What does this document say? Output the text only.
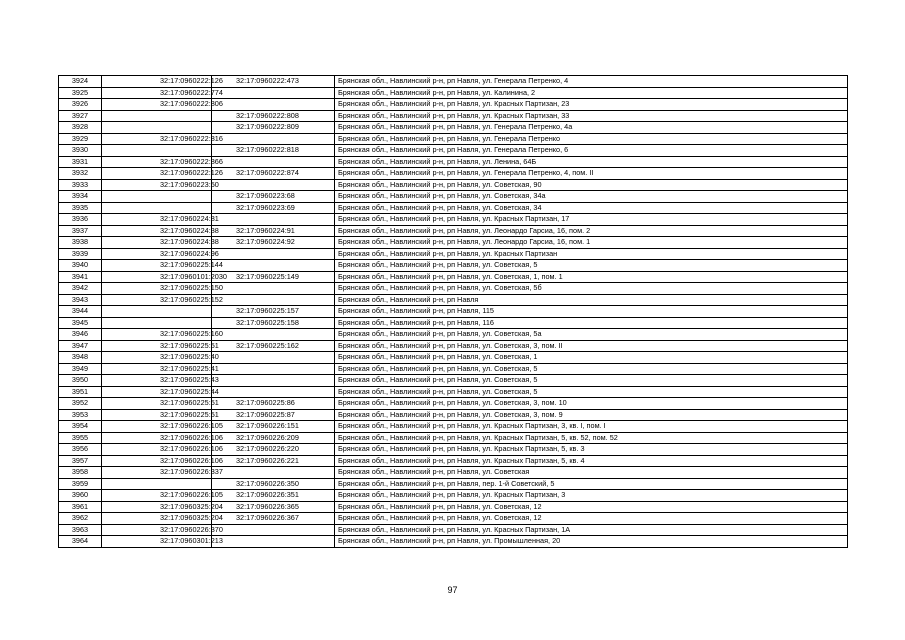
3924	32:17:0960222:126	32:17:0960222:473	Брянская обл., Навлинский р-н, рп Навля, ул. Генерала Петренко, 4
3925	32:17:0960222:774		Брянская обл., Навлинский р-н, рп Навля, ул. Калинина, 2
3926	32:17:0960222:806		Брянская обл., Навлинский р-н, рп Навля, ул. Красных Партизан, 23
3927		32:17:0960222:808	Брянская обл., Навлинский р-н, рп Навля, ул. Красных Партизан, 33
3928		32:17:0960222:809	Брянская обл., Навлинский р-н, рп Навля, ул. Генерала Петренко, 4а
3929	32:17:0960222:816		Брянская обл., Навлинский р-н, рп Навля, ул. Генерала Петренко
3930		32:17:0960222:818	Брянская обл., Навлинский р-н, рп Навля, ул. Генерала Петренко, 6
3931	32:17:0960222:866		Брянская обл., Навлинский р-н, рп Навля, ул. Ленина, 64Б
3932	32:17:0960222:126	32:17:0960222:874	Брянская обл., Навлинский р-н, рп Навля, ул. Генерала Петренко, 4, пом. II
3933	32:17:0960223:50		Брянская обл., Навлинский р-н, рп Навля, ул. Советская, 90
3934		32:17:0960223:68	Брянская обл., Навлинский р-н, рп Навля, ул. Советская, 34а
3935		32:17:0960223:69	Брянская обл., Навлинский р-н, рп Навля, ул. Советская, 34
3936	32:17:0960224:81		Брянская обл., Навлинский р-н, рп Навля, ул. Красных Партизан, 17
3937	32:17:0960224:38	32:17:0960224:91	Брянская обл., Навлинский р-н, рп Навля, ул. Леонардо Гарсиа, 16, пом. 2
3938	32:17:0960224:38	32:17:0960224:92	Брянская обл., Навлинский р-н, рп Навля, ул. Леонардо Гарсиа, 16, пом. 1
3939	32:17:0960224:96		Брянская обл., Навлинский р-н, рп Навля, ул. Красных Партизан
3940	32:17:0960225:144		Брянская обл., Навлинский р-н, рп Навля, ул. Советская, 5
3941	32:17:0960101:2030	32:17:0960225:149	Брянская обл., Навлинский р-н, рп Навля, ул. Советская, 1, пом. 1
3942	32:17:0960225:150		Брянская обл., Навлинский р-н, рп Навля, ул. Советская, 5б
3943	32:17:0960225:152		Брянская обл., Навлинский р-н, рп Навля
3944		32:17:0960225:157	Брянская обл., Навлинский р-н, рп Навля, 115
3945		32:17:0960225:158	Брянская обл., Навлинский р-н, рп Навля, 116
3946	32:17:0960225:160		Брянская обл., Навлинский р-н, рп Навля, ул. Советская, 5а
3947	32:17:0960225:51	32:17:0960225:162	Брянская обл., Навлинский р-н, рп Навля, ул. Советская, 3, пом. II
3948	32:17:0960225:40		Брянская обл., Навлинский р-н, рп Навля, ул. Советская, 1
3949	32:17:0960225:41		Брянская обл., Навлинский р-н, рп Навля, ул. Советская, 5
3950	32:17:0960225:43		Брянская обл., Навлинский р-н, рп Навля, ул. Советская, 5
3951	32:17:0960225:44		Брянская обл., Навлинский р-н, рп Навля, ул. Советская, 5
3952	32:17:0960225:51	32:17:0960225:86	Брянская обл., Навлинский р-н, рп Навля, ул. Советская, 3, пом. 10
3953	32:17:0960225:51	32:17:0960225:87	Брянская обл., Навлинский р-н, рп Навля, ул. Советская, 3, пом. 9
3954	32:17:0960226:105	32:17:0960226:151	Брянская обл., Навлинский р-н, рп Навля, ул. Красных Партизан, 3, кв. I, пом. I
3955	32:17:0960226:106	32:17:0960226:209	Брянская обл., Навлинский р-н, рп Навля, ул. Красных Партизан, 5, кв. 52, пом. 52
3956	32:17:0960226:106	32:17:0960226:220	Брянская обл., Навлинский р-н, рп Навля, ул. Красных Партизан, 5, кв. 3
3957	32:17:0960226:106	32:17:0960226:221	Брянская обл., Навлинский р-н, рп Навля, ул. Красных Партизан, 5, кв. 4
3958	32:17:0960226:337		Брянская обл., Навлинский р-н, рп Навля, ул. Советская
3959		32:17:0960226:350	Брянская обл., Навлинский р-н, рп Навля, пер. 1-й Советский, 5
3960	32:17:0960226:105	32:17:0960226:351	Брянская обл., Навлинский р-н, рп Навля, ул. Красных Партизан, 3
3961	32:17:0960325:204	32:17:0960226:365	Брянская обл., Навлинский р-н, рп Навля, ул. Советская, 12
3962	32:17:0960325:204	32:17:0960226:367	Брянская обл., Навлинский р-н, рп Навля, ул. Советская, 12
3963	32:17:0960226:370		Брянская обл., Навлинский р-н, рп Навля, ул. Красных Партизан, 1А
3964	32:17:0960301:213		Брянская обл., Навлинский р-н, рп Навля, ул. Промышленная, 20
97
